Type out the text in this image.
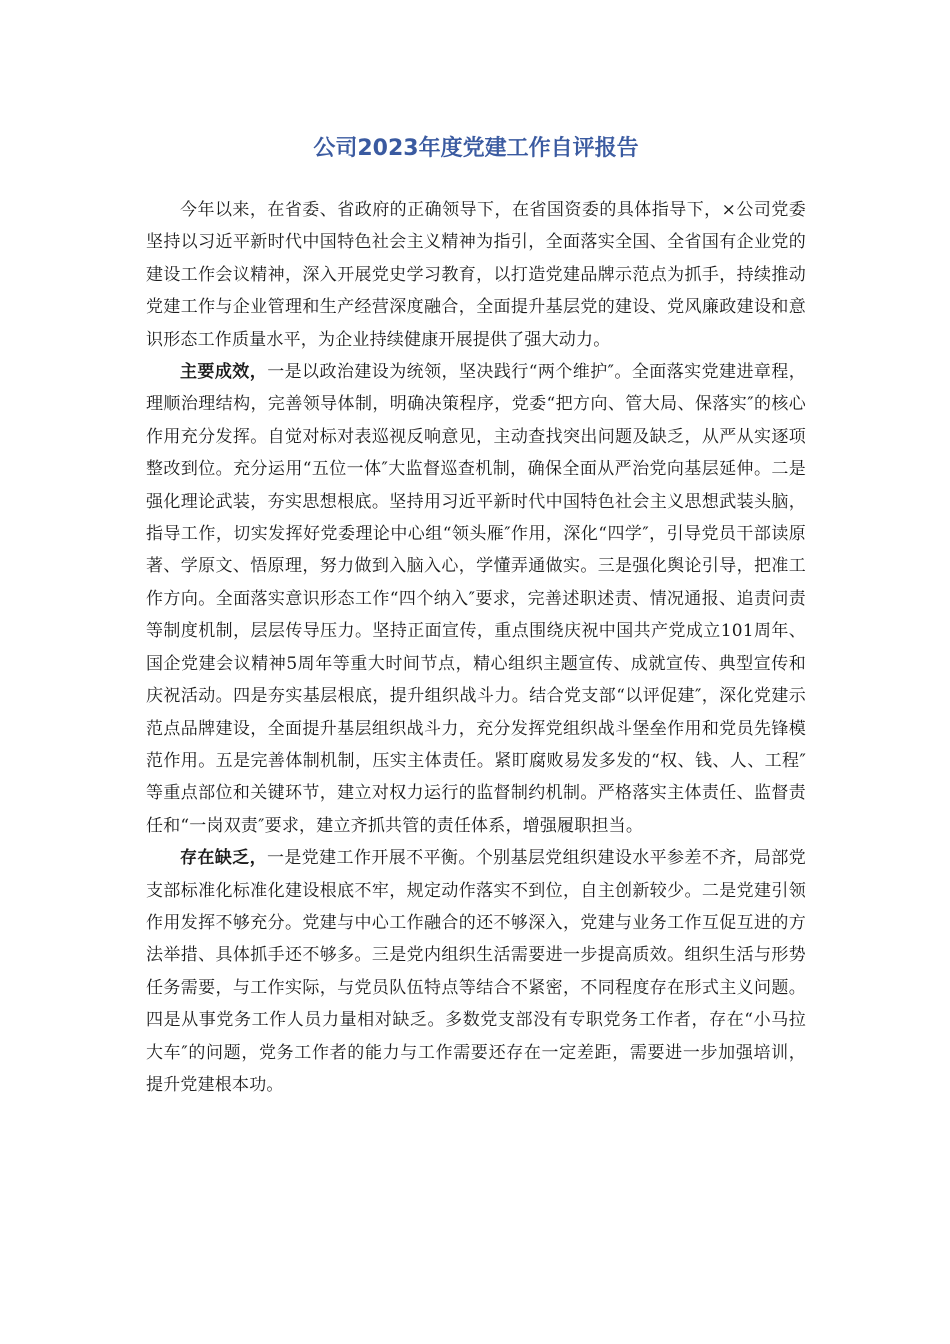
公司2023年度党建工作自评报告

今年以来，在省委、省政府的正确领导下，在省国资委的具体指导下，×公司党委坚持以习近平新时代中国特色社会主义精神为指引，全面落实全国、全省国有企业党的建设工作会议精神，深入开展党史学习教育，以打造党建品牌示范点为抓手，持续推动党建工作与企业管理和生产经营深度融合，全面提升基层党的建设、党风廉政建设和意识形态工作质量水平，为企业持续健康开展提供了强大动力。

主要成效，一是以政治建设为统领，坚决践行“两个维护″。全面落实党建进章程，理顺治理结构，完善领导体制，明确决策程序，党委“把方向、管大局、保落实″的核心作用充分发挥。自觉对标对表巡视反响意见，主动查找突出问题及缺乏，从严从实逐项整改到位。充分运用“五位一体″大监督巡查机制，确保全面从严治党向基层延伸。二是强化理论武装，夯实思想根底。坚持用习近平新时代中国特色社会主义思想武装头脑，指导工作，切实发挥好党委理论中心组“领头雁″作用，深化“四学″，引导党员干部读原著、学原文、悟原理，努力做到入脑入心，学懂弄通做实。三是强化舆论引导，把准工作方向。全面落实意识形态工作“四个纳入″要求，完善述职述责、情况通报、追责问责等制度机制，层层传导压力。坚持正面宣传，重点围绕庆祝中国共产党成立101周年、国企党建会议精神5周年等重大时间节点，精心组织主题宣传、成就宣传、典型宣传和庆祝活动。四是夯实基层根底，提升组织战斗力。结合党支部“以评促建″，深化党建示范点品牌建设，全面提升基层组织战斗力，充分发挥党组织战斗堡垒作用和党员先锋模范作用。五是完善体制机制，压实主体责任。紧盯腐败易发多发的“权、钱、人、工程″等重点部位和关键环节，建立对权力运行的监督制约机制。严格落实主体责任、监督责任和“一岗双责″要求，建立齐抓共管的责任体系，增强履职担当。

存在缺乏，一是党建工作开展不平衡。个别基层党组织建设水平参差不齐，局部党支部标准化标准化建设根底不牢，规定动作落实不到位，自主创新较少。二是党建引领作用发挥不够充分。党建与中心工作融合的还不够深入，党建与业务工作互促互进的方法举措、具体抓手还不够多。三是党内组织生活需要进一步提高质效。组织生活与形势任务需要，与工作实际，与党员队伍特点等结合不紧密，不同程度存在形式主义问题。四是从事党务工作人员力量相对缺乏。多数党支部没有专职党务工作者，存在“小马拉大车″的问题，党务工作者的能力与工作需要还存在一定差距，需要进一步加强培训，提升党建根本功。
